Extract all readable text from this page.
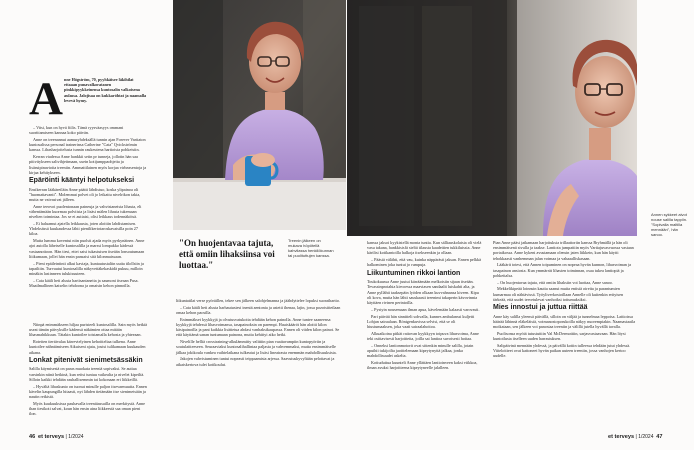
A nne Högström, 70, pyyhkäisee läkihilat ettaaan punavalkoratanen pinkkipyykkeinensa kuntosalin valkoisena aulassa. Jalojisaa on kukkaröhtat ja naamalla levevä hymy.

– Vitsi, kun on hyvä fiilis. Tämä ryysväasyys ommani suorittamiseen kannaa koko päivän.

Anne on treenannut aamuryhdeksällä tunnin ajan Forever Vartiaton kuntosalissa personal trainerinsa Catherine "Cata" Qvickströmin kanssa. Lihasharjoitelusta tunnin raukeutena hartioista pohkeisiin.

Kerran viadessa Anne hankkii setin pr tunneja, jollotin hän saa pitivitykseen salivihjeitmaan, usein kotijumppaohjeita ja lisäruipinavioita treeniin. Ammattilainen myös korjaa virheasentoja ja kirjaa kehitykseen.

Epäröinti kääntyi helpotukseksi

Ensikerran lääkäreiläin Anne päätti lähdistuo, koska ylipainoa oli "huomattavanti". Molemmat polvet oli jo leikattu nivelrikon takia, mutta ne vaivasivat jälleen.

Anne teeovoi puolentonaan paineuja ja vahvistaneista lihasta, eli vähentämään kuormaa polviista ja lisäsi mälen lihasta tukemaan nivelten toimintaa. Jos se ei auttaisi, olisi leikkaus todennäköisä.

– Ei haluamut ajatella leikkausta, joten aloittin lahdistamisen. Yhdeksässä kuukaudessa lähti pienilikertotaroskavaisilla poin 27 kiloa.

Mutta lumma koventui niin puolsti ajada myös pyrkynäinen. Anne ajoi autolla läheiselle kuntosalilla ja marssi lompakko kädessä vastaanottoon. Hän tiesi, ettei saisi tukastuisen itseään lonsoutumaan liiikumaan, jollei hän ensin pansaisi sitä kilonmaissaan.

– Pieni epäileintinti alkui kaviaja, kuntautustaliin uutta tilollsiin ja tapailtiin. Turvautui kuntosalilla näkyvettäkekaskidä pukuu, milloin minäkin lastinneen tulukisuuteen.

– Cata kääli heti alusta hartisantaneita ja saumoni itseaan Pusa. Maailmallinen katselin tehdoona ja omaisin kehon pinnoilla.

Niinpä enimmäkseen hiljaa puristeeli kuntosalilla. Sain myös hetkiä useat tämän päivyksille kädensä näkämien ottaa mitään lihasmahikkuun. Tätakin kuntoilee toistamalla kehosta ja yhteeaan.

Roteiten tiertävalaa kärrevtelyinen kehoitteltaa tulkena. Anne kuntoilee nähntämiseen Aikuiseni ajatu, joutsi tulikamaan kuukauden aikana.

Lonkat pitenivät sienimetsässäkin

Salilla käymisestä on paras muokata treeniä sopivaksi. Se auttaa varsinkin niinä hetkinä, kun reitsi tuntuu vaikealta ja nivelet kipeiltä. Silloin kaikki tehdään rauhallisemmin tai kokonaan eri liikkeillä.

– Hyvältä lihaskunto on tuonut minulle paljon itsevarmuutta. Ennen kävelin kaupungilla hitaasti, nyt lähden tietämään itse sienimetsään ja nautin retkistä.

Myös kuukuuksissa pauhavalla treeniäassailla on merkitystä. Anne ihan tiesikoti salvat, koun hän ensin aina liikkeestä saa oman pieni ilon.

"On huojentavaa tajuta, että omiin lihaksiinsa voi luottaa."
Treenin jälkeen on mukava höpötellä kahvilassa henkilökunnan tai puolituttujen kanssa.

liikuntatilat verse pyöräillen, tekee sen jälkeen salohjelmanna ja jäähdyttelee lopuksi suoraihartto.

– Cata kääli heti alusta harhautusiesi ineniä aentonia ja astetti ihenaa, lajin, jossa pozotsitteilaan omaa kehon paosilla.

Enimmäkset kyykkyjä ja olvutusvatukoita tehdään kehon painolla. Anne tuntee saaneensa kyykkyjä tehdessä lihasvoimansa, tasapainoksin on parempi. Hauiskääröt hän aloitti kilon käsipainoilla ja pani kaikkia lisätietua ahdasi vanhaksikaupassa. Ennen oli viiden kilon painot. Se että käyttämä sanan tuntumaan painona, mutta kehittyi aiko hetki.

Nivelille helliä crosstraining-alkulämmitty valittiin pian vaaitavampiin kuntopyöriin ja soutulaitteeseen. Seuraaviaksi kuntosalihallintaa paljasta ja vahvemmaksi, mutta ensimmäiselle jälkaa jokikoula vankea vaihtelaikana tulkeutui ja lisäsi lineairasta enemmän mahdollisuuksista.

Jakojen vahvistuminen tuntui nopeasti teippaamista arjessa. Saavutuskyvyltään pelottavat ja aikaiskertova tulet kotikoulut.

46 et terveys | 1/2024
Annen sykkeet aivot nouse salilla tappiin. "Sopivalla maltilla mennään", hän sanoo.

kanssa jaksoi kyykistellä monta tuntia. Kun sälliauskolaisia oli vielä vasu takana, hankkisisfä sieltä tilausta kaadettien tukkiluissia. Anne kärilisi kotikantoilla halkoja itsekseenkin ja ollaan.

– Pääsiä välähti, että vau, kuinka näppärästi jaksan. Ennen pelkkä halkominen joka tuntui jo rumpuja.

Liikuntuminen rikkoi lantion

Toukokuussa Anne juutui kärräämään melkoisiin sijaan itseään. Tevassinprotahia kirvoessa maaviasen sandaalit luiskahti alta, ja Anne pyllähti taaksepäin lyöden olkaan kuvvahnansa kiveen. Kipu oli kova, mutta hän lähti sauskaasti treenimi takaperin kävovinnia käyttäen rivinen perintoilla.

– Pystyin nousemaan ilman apua, kävelemään kalaasti varovasti.

Pari päivää hän sinnitteli sohvalla, kunnes ambulanssi kuljetti Lohjan sairaalaan. Röntgenkuvissa selvisi, että se oli hiustumaaksen, joka vaati sairaalahoitoa.

Alkuaikoina pitkät rattovan kyykkyyn toipuva lihasvoima, Anne teki osittavisesti harjoitteita, joilla sai lantioa suvoisesti hoitaa.

– Onneksi lantionmotorit ovat sittenkin minulle salilla, jotain apuihii tukijoilta jaoittelemaan kipeytynyttä jalkaa, jonka mahdollisuudet askelta.

Kotiuduttua kuunteli Anne yllättäen lantioinveen kaksi viikkoa, ilman avuksi harjoitteena kipeytyneelle jalalleen.

Pian Anne pääsi jatkamaan harjoituksia trillaattoriin kanssa Bryhmällä ja hän oli ensimmäisenä sivulla ja taakse. Lantiota jumpattiin myös Vartiajuvasvuossa vastaan portaikossa. Anne kykeni avustamaan olensin jaten liikkein, kun hän käytti tehokkaasti vanhemman jalan voimaa ja vahaaalliskasaan.

Lääkärit totesi, että Annen toipuminen on nopeaa hyvän kunnon, lihasvoiman ja tasapainon ansiosta. Kun ymmärrät lihasten toiminnan, osaa tukea lantiopiä ja pohkeitalsa.

– On huojentavaa tajuta, että omiin lihaksiin voi luottaa, Anne sanoo.

Mekkelikipeää loinnsin kautta saanut muita entisiä oireita ja parantumien kumarmaa oli nähtävissä. Työyliverkostoillaan Annelle oli kuitenkin erityisen tärkeää, että uudet tervetulevat vanhoiksi tottumuksiksi.

Mies innostui ja juttua riittää

Anne käy salilla yleensä päivällä, silloin on väljää ja tunnelmaa leppoisa. Lattioissa häärää lähinnä eläkeläisiä, voimanostoporukoilla näkyy nuorempiakin. Naamastaaila moikataan, sen jälkeen voi panostaa treeniin ja välillä jutella hyvällä tavalla.

Puolisonsa myötä tutustuttiin Val McDermottiin, sarjasvastaavaan. Hän löysi kuntoilusta itselleen uuden harrastuksen.

Salipäivinä mennään yhdessä, ja päivällä kotiin tulleessa tehdään jutut yhdessä. Viiteloitteet ovat kattoneet hyvän paikan uuteen treeniin, jossa vanhojen kertoo uudelle.

et terveys | 1/2024 47
